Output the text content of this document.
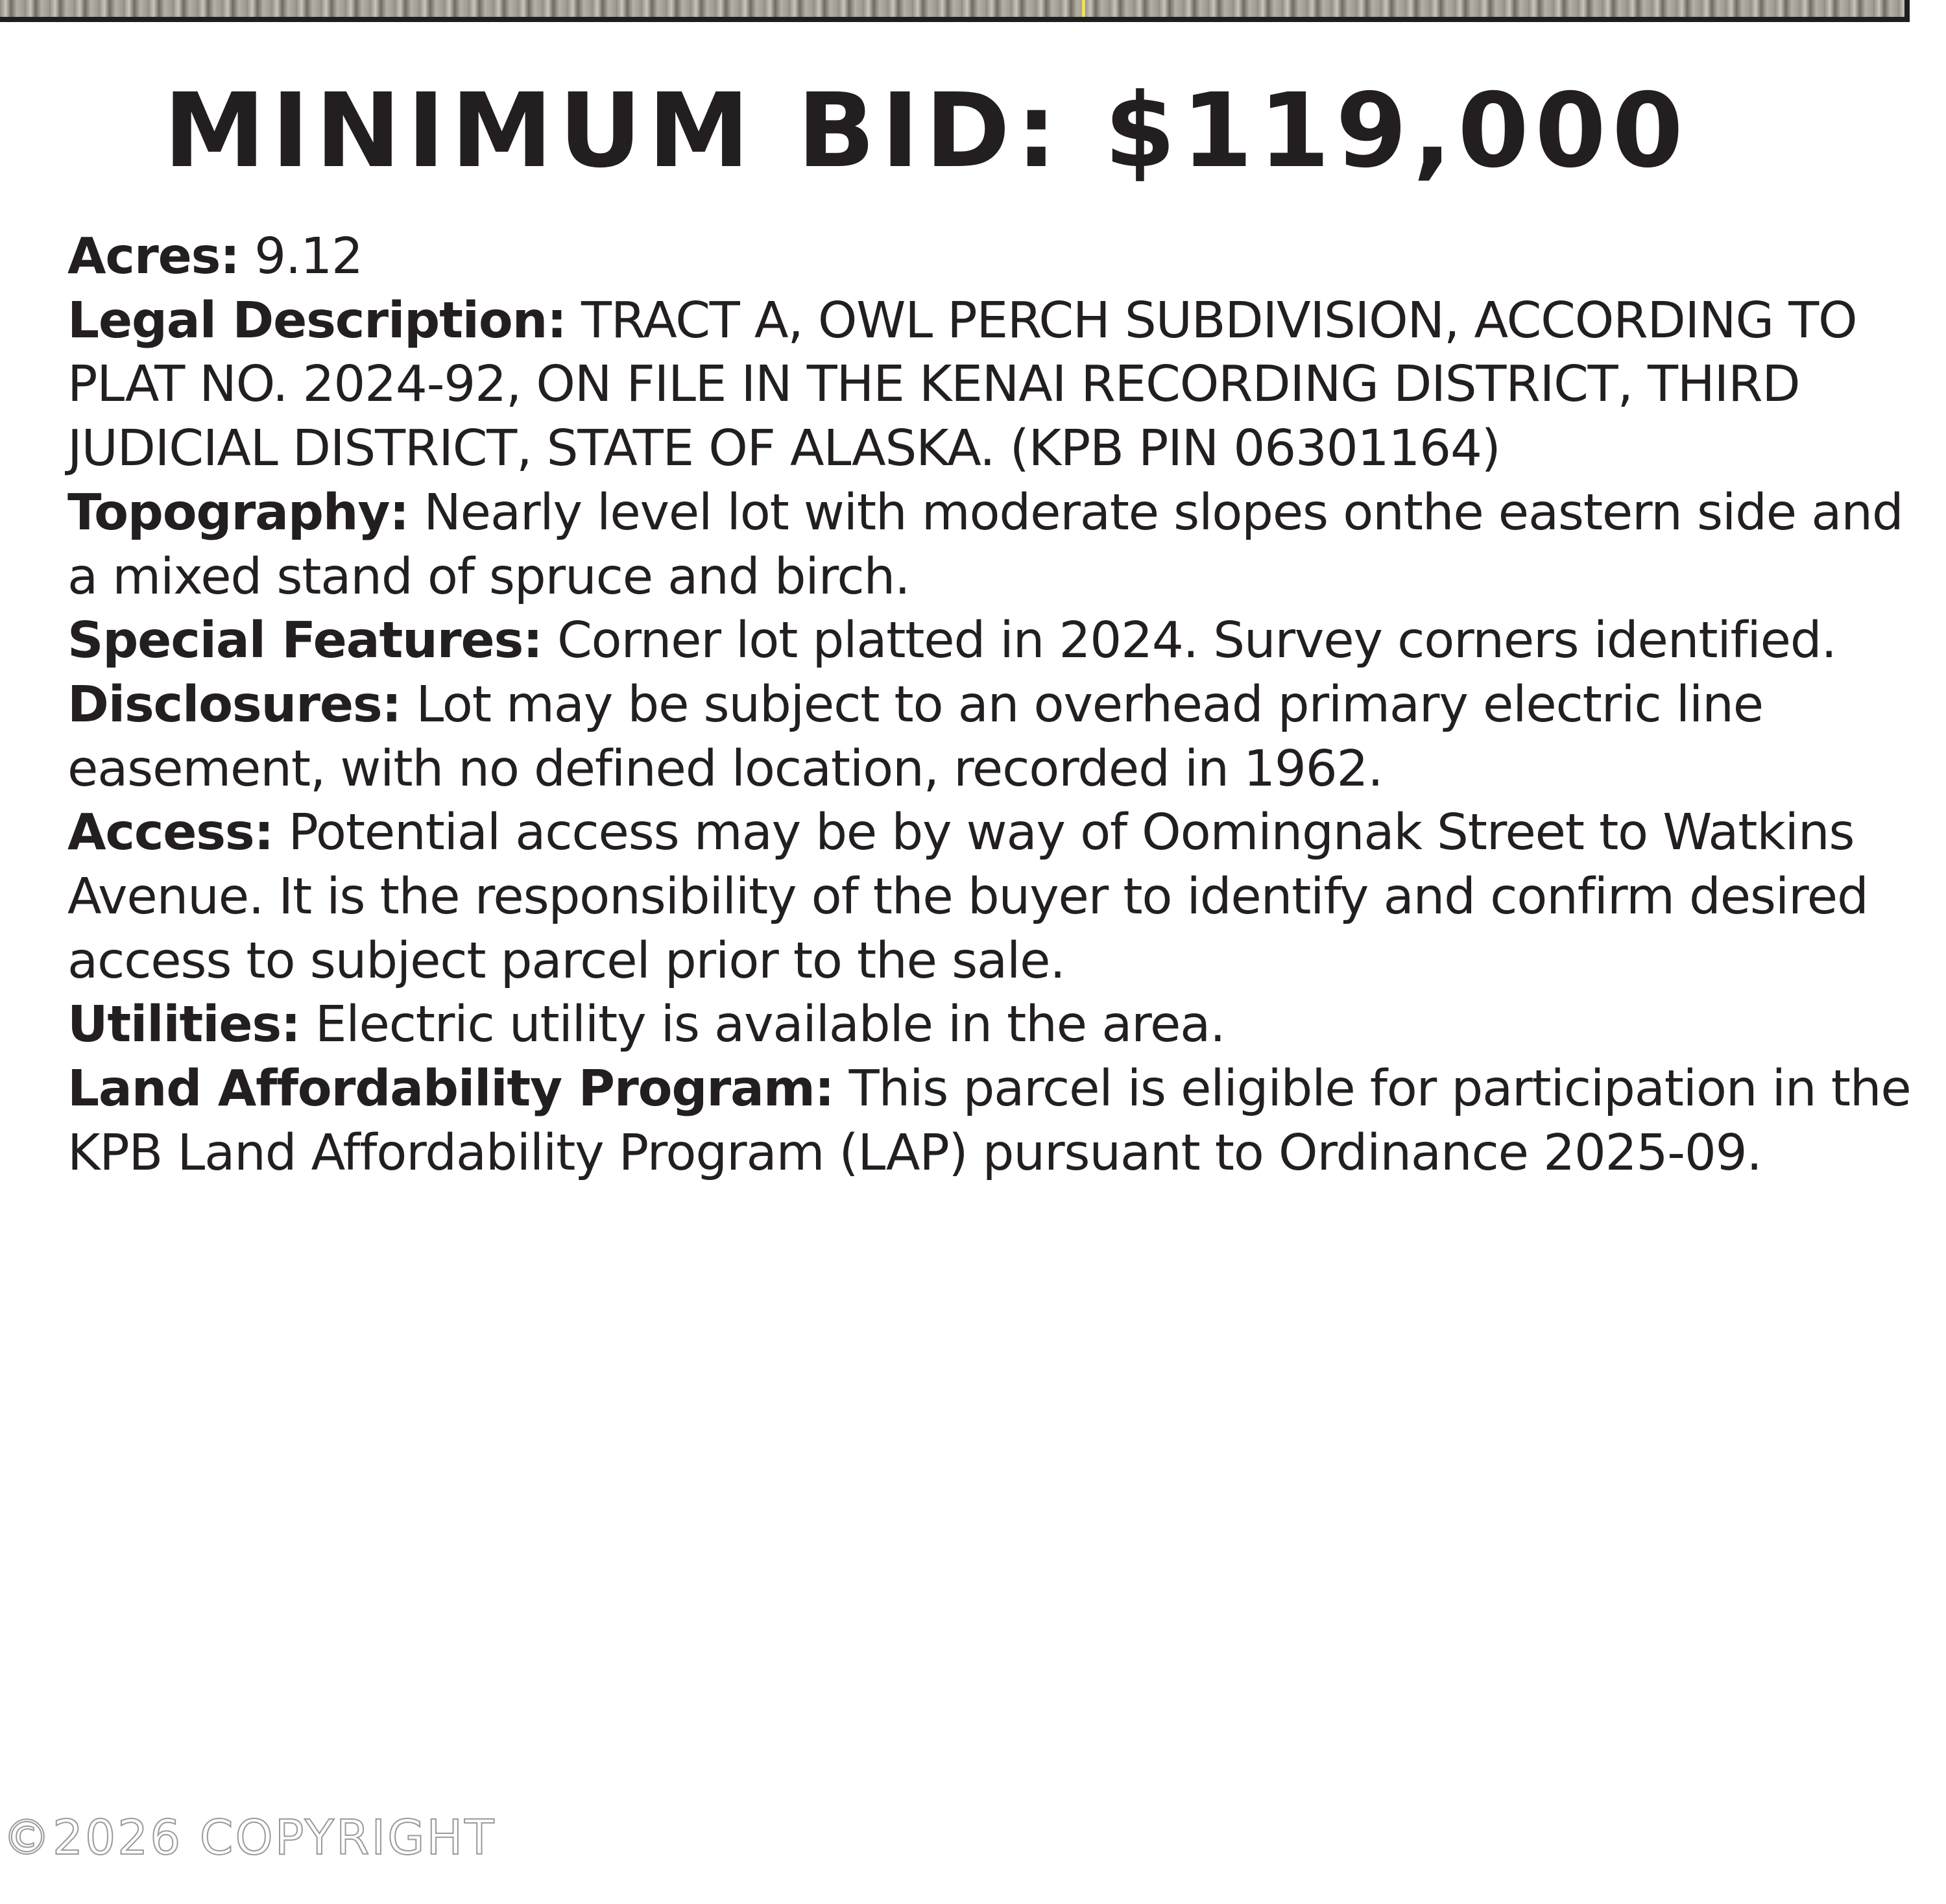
MINIMUM BID: $119,000

Acres: 9.12

Legal Description: TRACT A, OWL PERCH SUBDIVISION, ACCORDING TO PLAT NO. 2024-92, ON FILE IN THE KENAI RECORDING DISTRICT, THIRD JUDICIAL DISTRICT, STATE OF ALASKA. (KPB PIN 06301164)

Topography: Nearly level lot with moderate slopes onthe eastern side and a mixed stand of spruce and birch.

Special Features: Corner lot platted in 2024. Survey corners identified.

Disclosures: Lot may be subject to an overhead primary electric line easement, with no defined location, recorded in 1962.

Access: Potential access may be by way of Oomingnak Street to Watkins Avenue. It is the responsibility of the buyer to identify and confirm desired access to subject parcel prior to the sale.

Utilities: Electric utility is available in the area.

Land Affordability Program: This parcel is eligible for participation in the KPB Land Affordability Program (LAP) pursuant to Ordinance 2025-09.

©2026 COPYRIGHT
